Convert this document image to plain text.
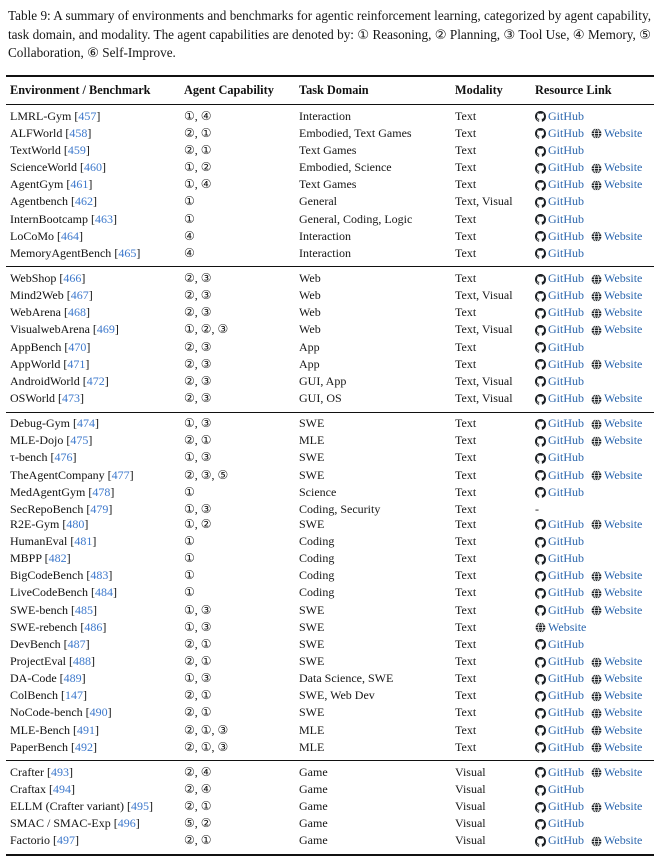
Table 9: A summary of environments and benchmarks for agentic reinforcement learning, categorized by agent capability, task domain, and modality. The agent capabilities are denoted by: ① Reasoning, ② Planning, ③ Tool Use, ④ Memory, ⑤ Collaboration, ⑥ Self-Improve.

Environment / Benchmark	Agent Capability	Task Domain	Modality	Resource Link
LMRL-Gym [457]	①, ④	Interaction	Text	GitHub
ALFWorld [458]	②, ①	Embodied, Text Games	Text	GitHub Website
TextWorld [459]	②, ①	Text Games	Text	GitHub
ScienceWorld [460]	①, ②	Embodied, Science	Text	GitHub Website
AgentGym [461]	①, ④	Text Games	Text	GitHub Website
Agentbench [462]	①	General	Text, Visual	GitHub
InternBootcamp [463]	①	General, Coding, Logic	Text	GitHub
LoCoMo [464]	④	Interaction	Text	GitHub Website
MemoryAgentBench [465]	④	Interaction	Text	GitHub
WebShop [466]	②, ③	Web	Text	GitHub Website
Mind2Web [467]	②, ③	Web	Text, Visual	GitHub Website
WebArena [468]	②, ③	Web	Text	GitHub Website
VisualwebArena [469]	①, ②, ③	Web	Text, Visual	GitHub Website
AppBench [470]	②, ③	App	Text	GitHub
AppWorld [471]	②, ③	App	Text	GitHub Website
AndroidWorld [472]	②, ③	GUI, App	Text, Visual	GitHub
OSWorld [473]	②, ③	GUI, OS	Text, Visual	GitHub Website
Debug-Gym [474]	①, ③	SWE	Text	GitHub Website
MLE-Dojo [475]	②, ①	MLE	Text	GitHub Website
τ-bench [476]	①, ③	SWE	Text	GitHub
TheAgentCompany [477]	②, ③, ⑤	SWE	Text	GitHub Website
MedAgentGym [478]	①	Science	Text	GitHub
SecRepoBench [479]	①, ③	Coding, Security	Text	-
R2E-Gym [480]	①, ②	SWE	Text	GitHub Website
HumanEval [481]	①	Coding	Text	GitHub
MBPP [482]	①	Coding	Text	GitHub
BigCodeBench [483]	①	Coding	Text	GitHub Website
LiveCodeBench [484]	①	Coding	Text	GitHub Website
SWE-bench [485]	①, ③	SWE	Text	GitHub Website
SWE-rebench [486]	①, ③	SWE	Text	Website
DevBench [487]	②, ①	SWE	Text	GitHub
ProjectEval [488]	②, ①	SWE	Text	GitHub Website
DA-Code [489]	①, ③	Data Science, SWE	Text	GitHub Website
ColBench [147]	②, ①	SWE, Web Dev	Text	GitHub Website
NoCode-bench [490]	②, ①	SWE	Text	GitHub Website
MLE-Bench [491]	②, ①, ③	MLE	Text	GitHub Website
PaperBench [492]	②, ①, ③	MLE	Text	GitHub Website
Crafter [493]	②, ④	Game	Visual	GitHub Website
Craftax [494]	②, ④	Game	Visual	GitHub
ELLM (Crafter variant) [495]	②, ①	Game	Visual	GitHub Website
SMAC / SMAC-Exp [496]	⑤, ②	Game	Visual	GitHub
Factorio [497]	②, ①	Game	Visual	GitHub Website
